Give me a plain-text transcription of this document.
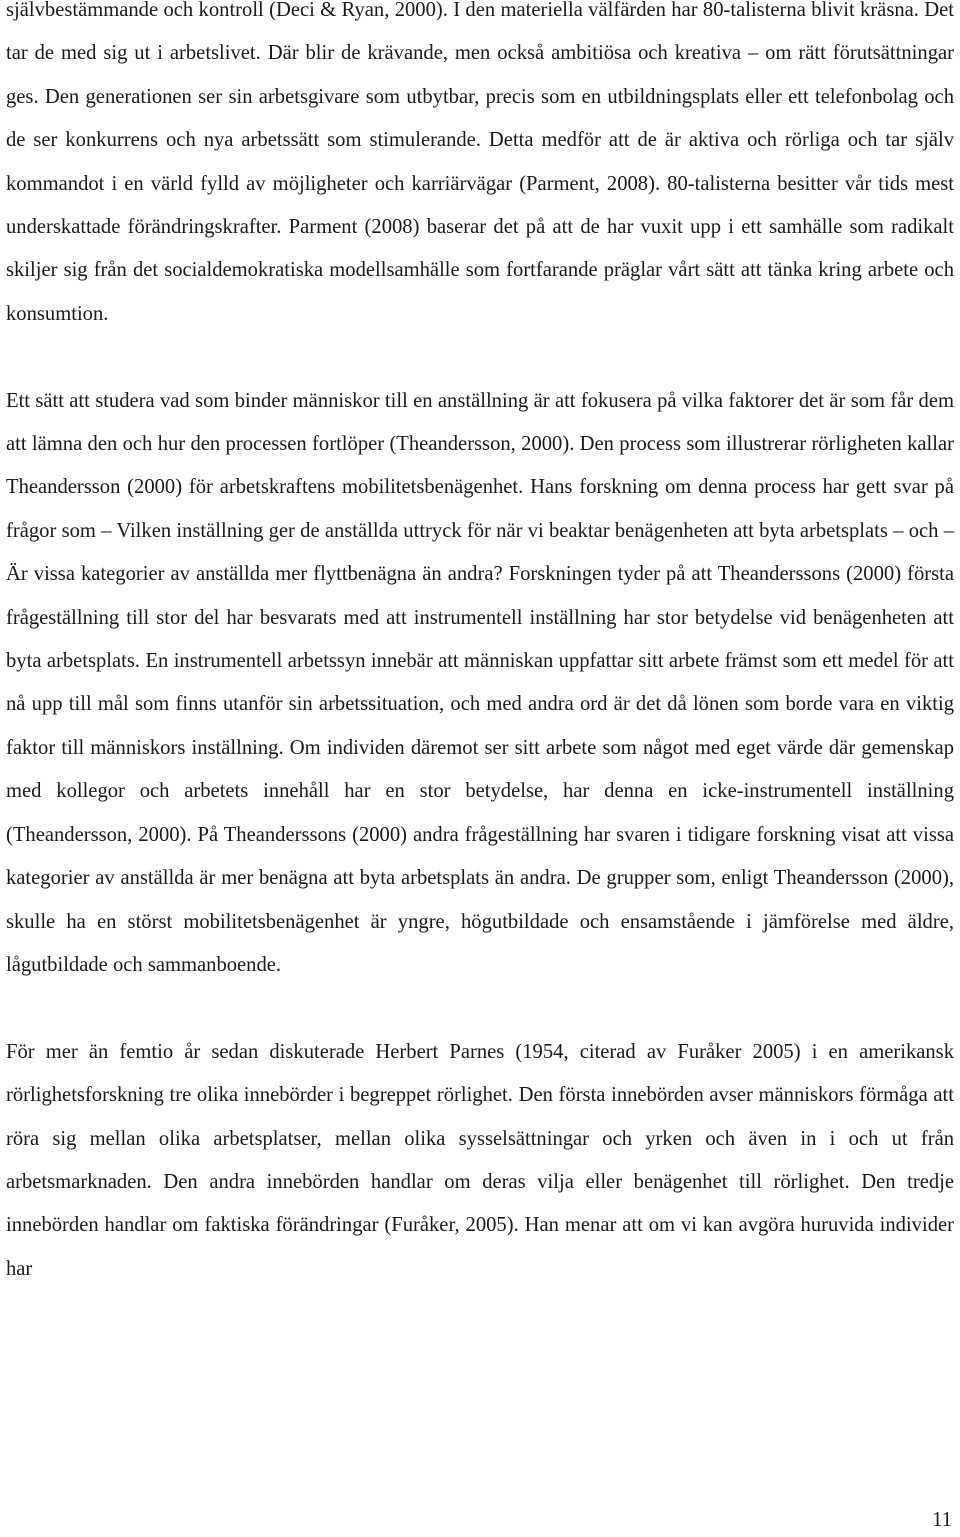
självbestämmande och kontroll (Deci & Ryan, 2000). I den materiella välfärden har 80-talisterna blivit kräsna. Det tar de med sig ut i arbetslivet. Där blir de krävande, men också ambitiösa och kreativa – om rätt förutsättningar ges. Den generationen ser sin arbetsgivare som utbytbar, precis som en utbildningsplats eller ett telefonbolag och de ser konkurrens och nya arbetssätt som stimulerande. Detta medför att de är aktiva och rörliga och tar själv kommandot i en värld fylld av möjligheter och karriärvägar (Parment, 2008). 80-talisterna besitter vår tids mest underskattade förändringskrafter. Parment (2008) baserar det på att de har vuxit upp i ett samhälle som radikalt skiljer sig från det socialdemokratiska modellsamhälle som fortfarande präglar vårt sätt att tänka kring arbete och konsumtion.

Ett sätt att studera vad som binder människor till en anställning är att fokusera på vilka faktorer det är som får dem att lämna den och hur den processen fortlöper (Theandersson, 2000). Den process som illustrerar rörligheten kallar Theandersson (2000) för arbetskraftens mobilitetsbenägenhet. Hans forskning om denna process har gett svar på frågor som – Vilken inställning ger de anställda uttryck för när vi beaktar benägenheten att byta arbetsplats – och – Är vissa kategorier av anställda mer flyttbenägna än andra? Forskningen tyder på att Theanderssons (2000) första frågeställning till stor del har besvarats med att instrumentell inställning har stor betydelse vid benägenheten att byta arbetsplats. En instrumentell arbetssyn innebär att människan uppfattar sitt arbete främst som ett medel för att nå upp till mål som finns utanför sin arbetssituation, och med andra ord är det då lönen som borde vara en viktig faktor till människors inställning. Om individen däremot ser sitt arbete som något med eget värde där gemenskap med kollegor och arbetets innehåll har en stor betydelse, har denna en icke-instrumentell inställning (Theandersson, 2000). På Theanderssons (2000) andra frågeställning har svaren i tidigare forskning visat att vissa kategorier av anställda är mer benägna att byta arbetsplats än andra. De grupper som, enligt Theandersson (2000), skulle ha en störst mobilitetsbenägenhet är yngre, högutbildade och ensamstående i jämförelse med äldre, lågutbildade och sammanboende.

För mer än femtio år sedan diskuterade Herbert Parnes (1954, citerad av Furåker 2005) i en amerikansk rörlighetsforskning tre olika innebörder i begreppet rörlighet. Den första innebörden avser människors förmåga att röra sig mellan olika arbetsplatser, mellan olika sysselsättningar och yrken och även in i och ut från arbetsmarknaden. Den andra innebörden handlar om deras vilja eller benägenhet till rörlighet. Den tredje innebörden handlar om faktiska förändringar (Furåker, 2005). Han menar att om vi kan avgöra huruvida individer har

11
